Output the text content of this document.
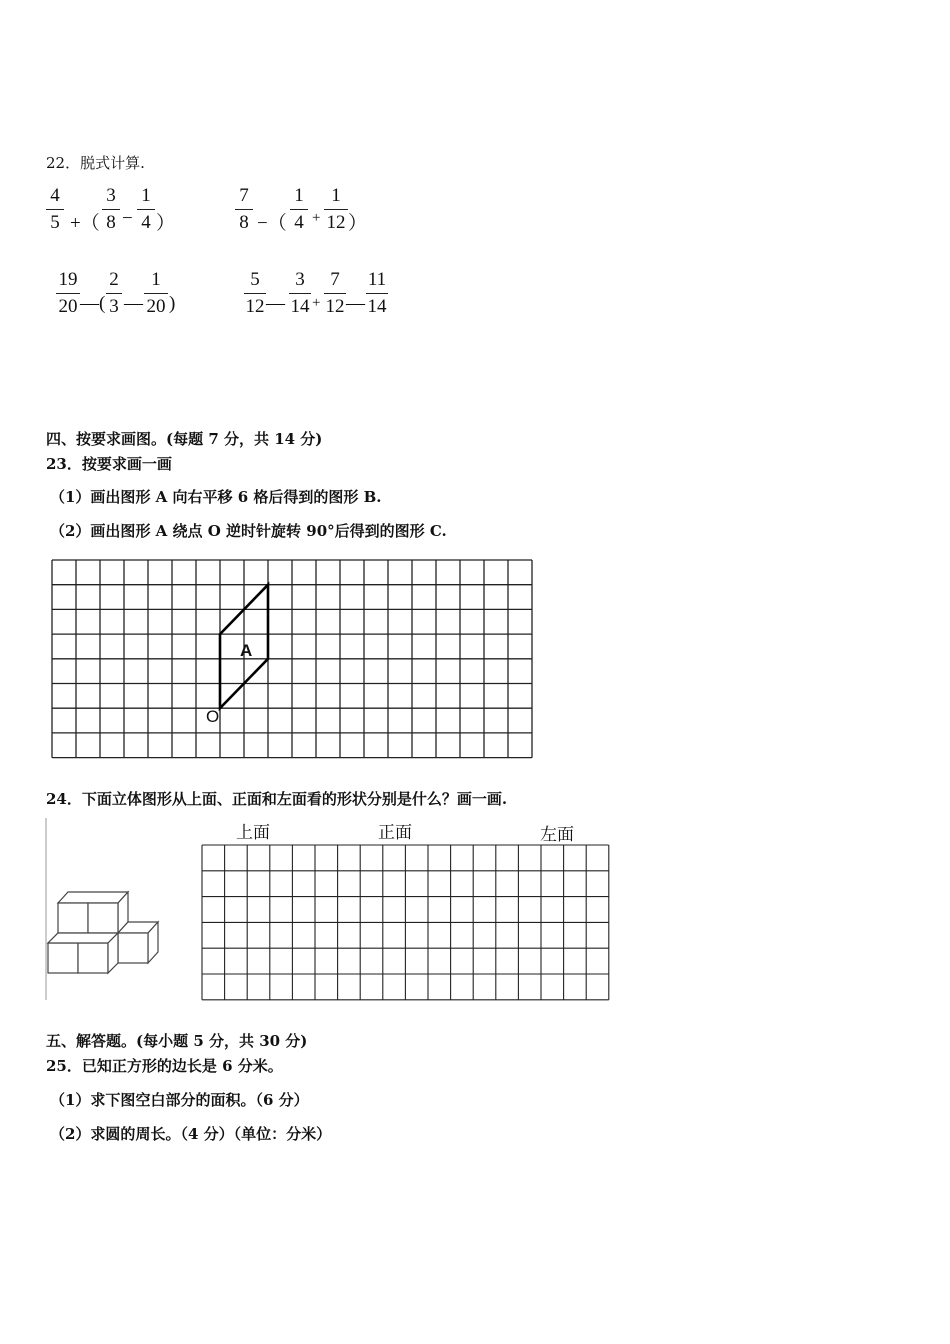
22．脱式计算.
4
5 +（
3
8 −
1
4 ）
7
8 −（
1
4 +
1
12 ）
19
20 —(
2
3 —
1
20 )
5
12 —
3
14 +
7
12 —
11
14
四、按要求画图。(每题 7 分，共 14 分)
23．按要求画一画
（1）画出图形 A 向右平移 6 格后得到的图形 B.
（2）画出图形 A 绕点 O 逆时针旋转 90°后得到的图形 C.
A
O
24．下面立体图形从上面、正面和左面看的形状分别是什么？画一画.
上面	正面	左面
五、解答题。(每小题 5 分，共 30 分)
25．已知正方形的边长是 6 分米。
（1）求下图空白部分的面积。（6 分）
（2）求圆的周长。（4 分）（单位：分米）
